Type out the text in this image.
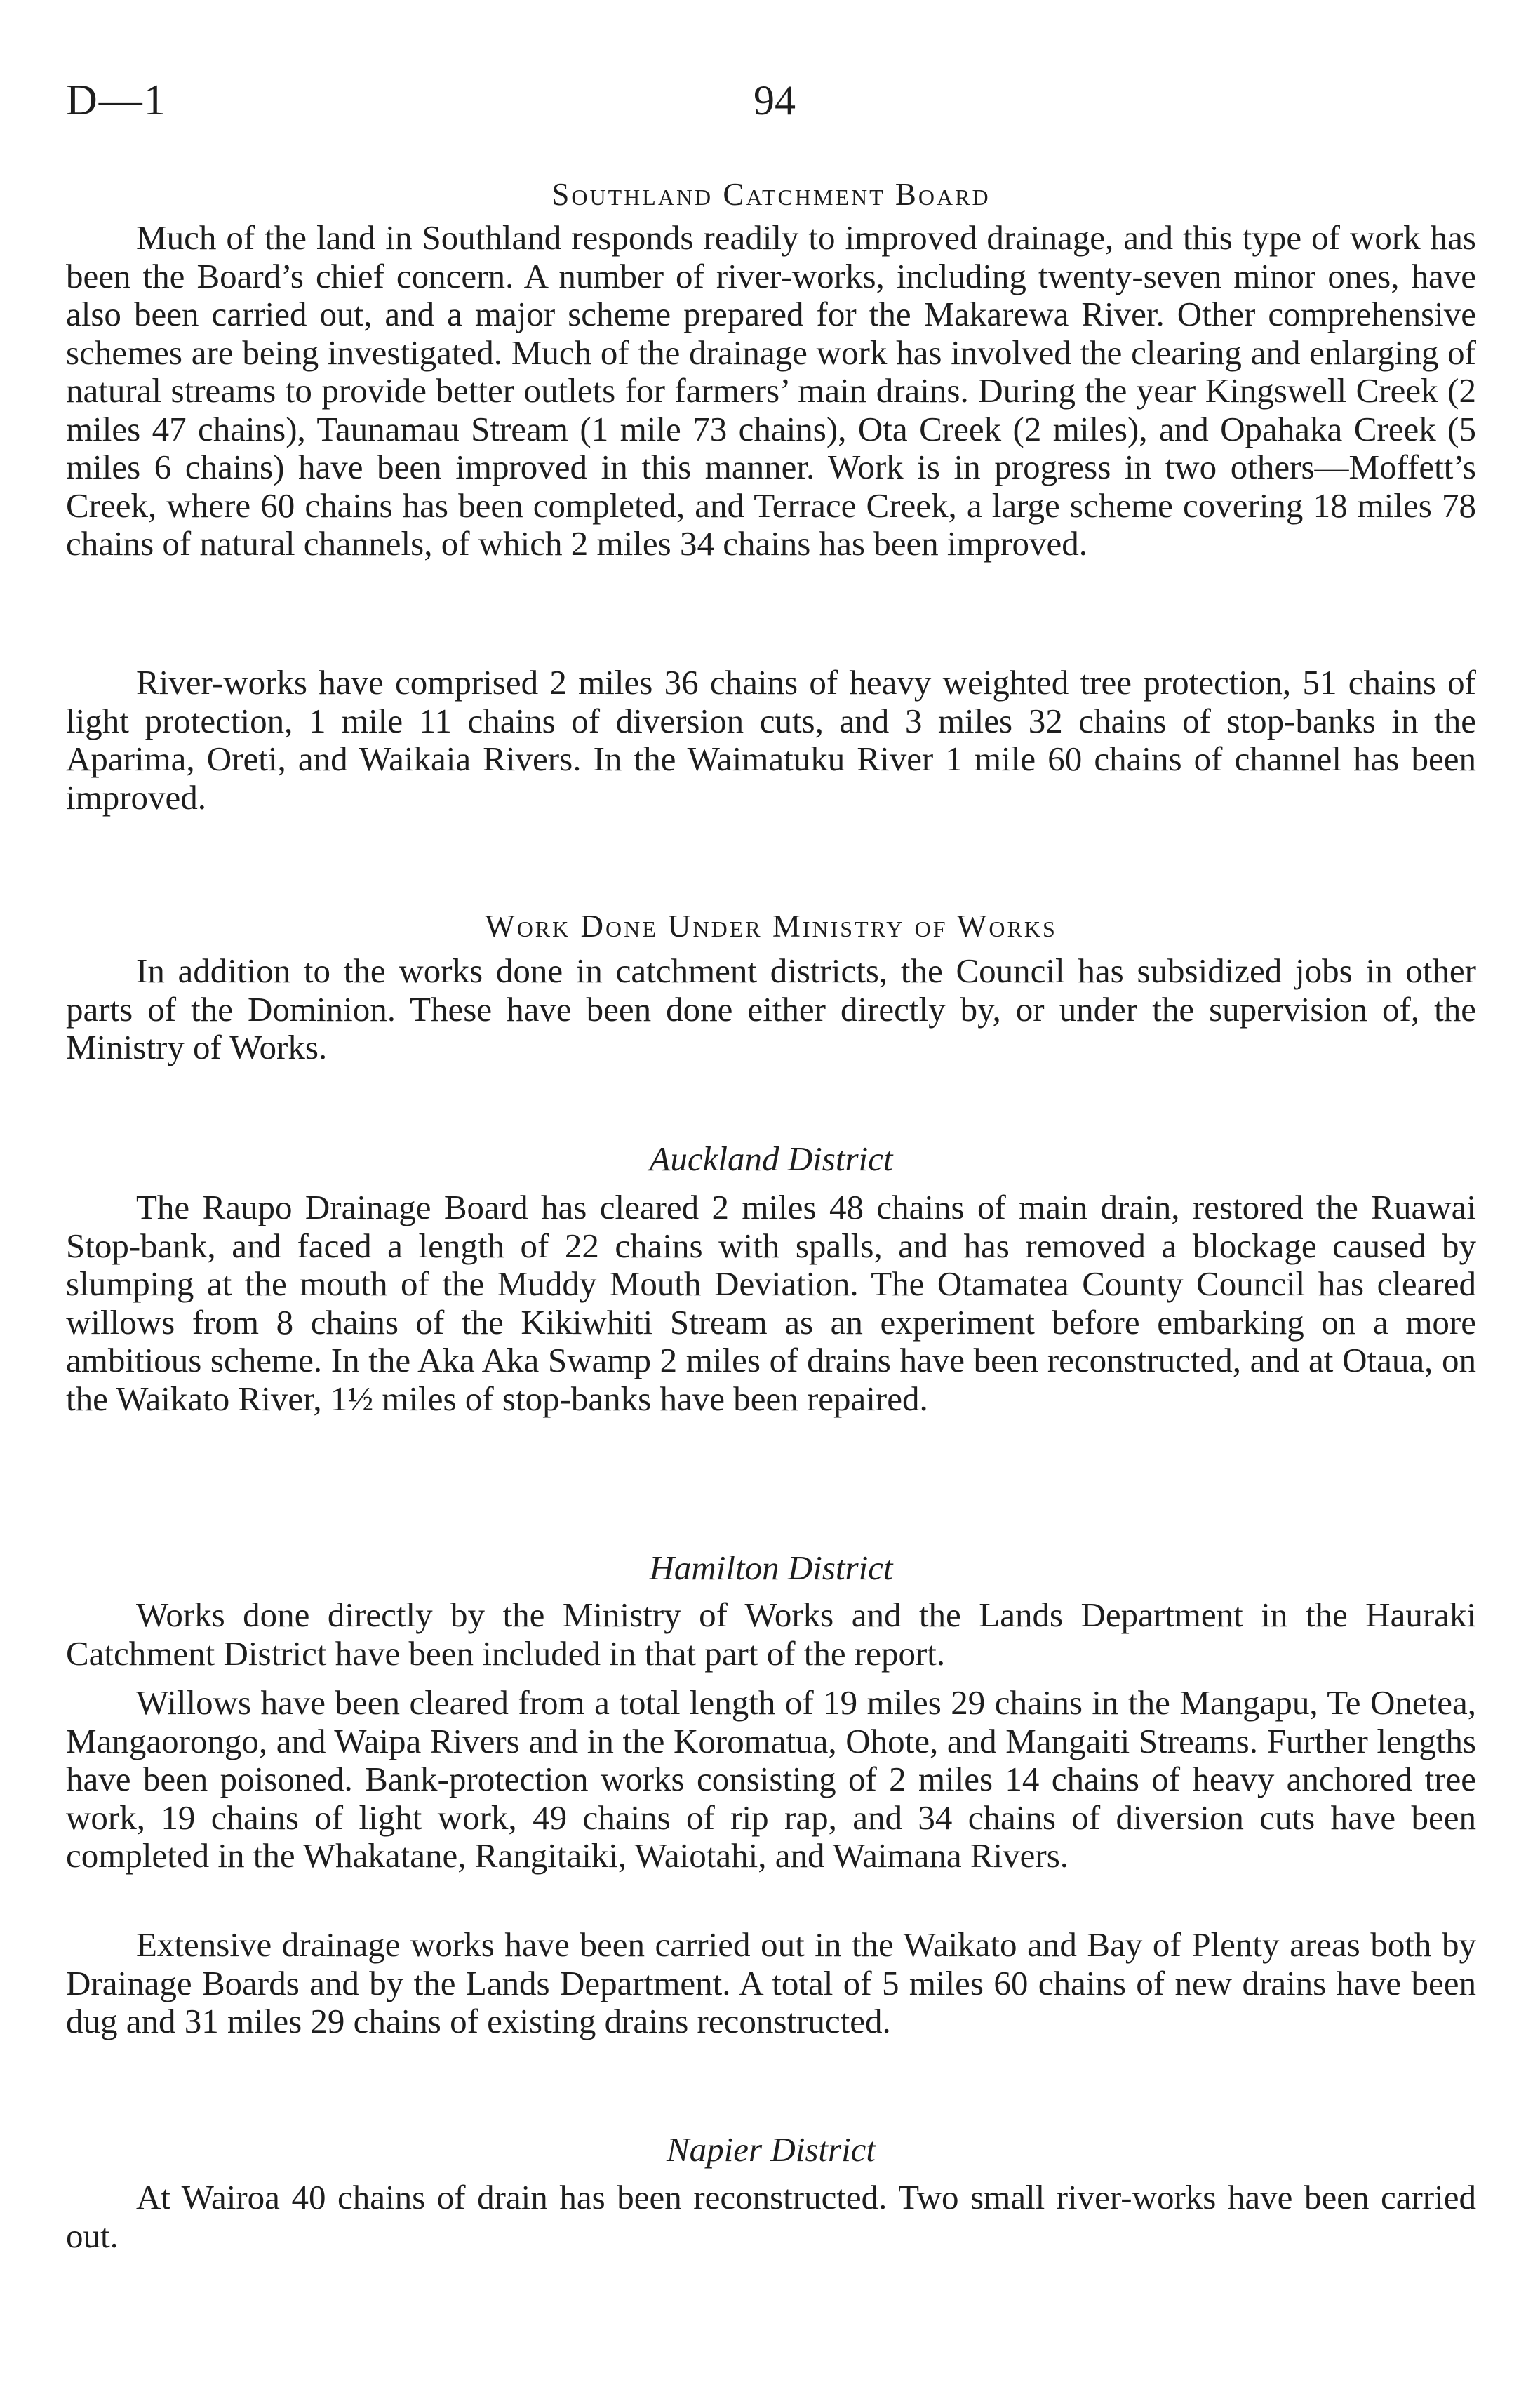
D—1	94
Southland Catchment Board

Much of the land in Southland responds readily to improved drainage, and this type of work has been the Board’s chief concern. A number of river-works, including twenty-seven minor ones, have also been carried out, and a major scheme prepared for the Makarewa River. Other comprehensive schemes are being investigated. Much of the drainage work has involved the clearing and enlarging of natural streams to provide better outlets for farmers’ main drains. During the year Kingswell Creek (2 miles 47 chains), Taunamau Stream (1 mile 73 chains), Ota Creek (2 miles), and Opahaka Creek (5 miles 6 chains) have been improved in this manner. Work is in progress in two others—Moffett’s Creek, where 60 chains has been completed, and Terrace Creek, a large scheme covering 18 miles 78 chains of natural channels, of which 2 miles 34 chains has been improved.

River-works have comprised 2 miles 36 chains of heavy weighted tree protection, 51 chains of light protection, 1 mile 11 chains of diversion cuts, and 3 miles 32 chains of stop-banks in the Aparima, Oreti, and Waikaia Rivers. In the Waimatuku River 1 mile 60 chains of channel has been improved.

Work Done Under Ministry of Works

In addition to the works done in catchment districts, the Council has subsidized jobs in other parts of the Dominion. These have been done either directly by, or under the supervision of, the Ministry of Works.

Auckland District

The Raupo Drainage Board has cleared 2 miles 48 chains of main drain, restored the Ruawai Stop-bank, and faced a length of 22 chains with spalls, and has removed a blockage caused by slumping at the mouth of the Muddy Mouth Deviation. The Otamatea County Council has cleared willows from 8 chains of the Kikiwhiti Stream as an experiment before embarking on a more ambitious scheme. In the Aka Aka Swamp 2 miles of drains have been reconstructed, and at Otaua, on the Waikato River, 1½ miles of stop-banks have been repaired.

Hamilton District

Works done directly by the Ministry of Works and the Lands Department in the Hauraki Catchment District have been included in that part of the report.

Willows have been cleared from a total length of 19 miles 29 chains in the Mangapu, Te Onetea, Mangaorongo, and Waipa Rivers and in the Koromatua, Ohote, and Mangaiti Streams. Further lengths have been poisoned. Bank-protection works consisting of 2 miles 14 chains of heavy anchored tree work, 19 chains of light work, 49 chains of rip rap, and 34 chains of diversion cuts have been completed in the Whakatane, Rangitaiki, Waiotahi, and Waimana Rivers.

Extensive drainage works have been carried out in the Waikato and Bay of Plenty areas both by Drainage Boards and by the Lands Department. A total of 5 miles 60 chains of new drains have been dug and 31 miles 29 chains of existing drains reconstructed.

Napier District

At Wairoa 40 chains of drain has been reconstructed. Two small river-works have been carried out.
